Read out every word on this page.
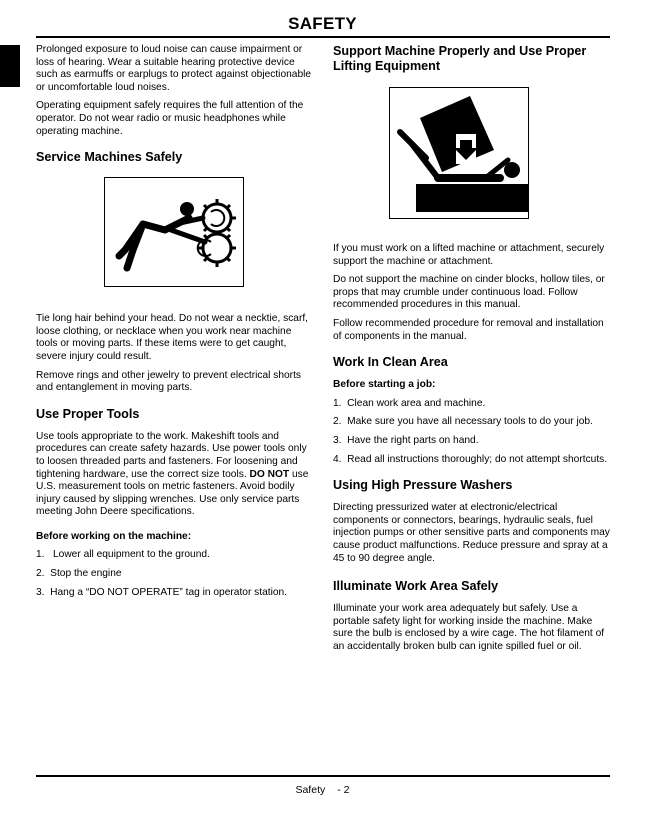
SAFETY

Prolonged exposure to loud noise can cause impairment or loss of hearing. Wear a suitable hearing protective device such as earmuffs or earplugs to protect against objectionable or uncomfortable loud noises.

Operating equipment safely requires the full attention of the operator. Do not wear radio or music headphones while operating machine.

Service Machines Safely

Tie long hair behind your head. Do not wear a necktie, scarf, loose clothing, or necklace when you work near machine tools or moving parts. If these items were to get caught, severe injury could result.

Remove rings and other jewelry to prevent electrical shorts and entanglement in moving parts.

Use Proper Tools

Use tools appropriate to the work. Makeshift tools and procedures can create safety hazards. Use power tools only to loosen threaded parts and fasteners. For loosening and tightening hardware, use the correct size tools. DO NOT use U.S. measurement tools on metric fasteners. Avoid bodily injury caused by slipping wrenches. Use only service parts meeting John Deere specifications.

Before working on the machine:
1.   Lower all equipment to the ground.
2.  Stop the engine
3.  Hang a “DO NOT OPERATE” tag in operator station.
Support Machine Properly and Use Proper Lifting Equipment

If you must work on a lifted machine or attachment, securely support the machine or attachment.

Do not support the machine on cinder blocks, hollow tiles, or props that may crumble under continuous load. Follow recommended procedures in this manual.

Follow recommended procedure for removal and installation of components in the manual.

Work In Clean Area
Before starting a job:
1.  Clean work area and machine.
2.  Make sure you have all necessary tools to do your job.
3.  Have the right parts on hand.
4.  Read all instructions thoroughly; do not attempt shortcuts.
Using High Pressure Washers

Directing pressurized water at electronic/electrical components or connectors, bearings, hydraulic seals, fuel injection pumps or other sensitive parts and components may cause product malfunctions. Reduce pressure and spray at a 45 to 90 degree angle.

Illuminate Work Area Safely

Illuminate your work area adequately but safely. Use a portable safety light for working inside the machine. Make sure the bulb is enclosed by a wire cage. The hot filament of an accidentally broken bulb can ignite spilled fuel or oil.

Safety - 2
